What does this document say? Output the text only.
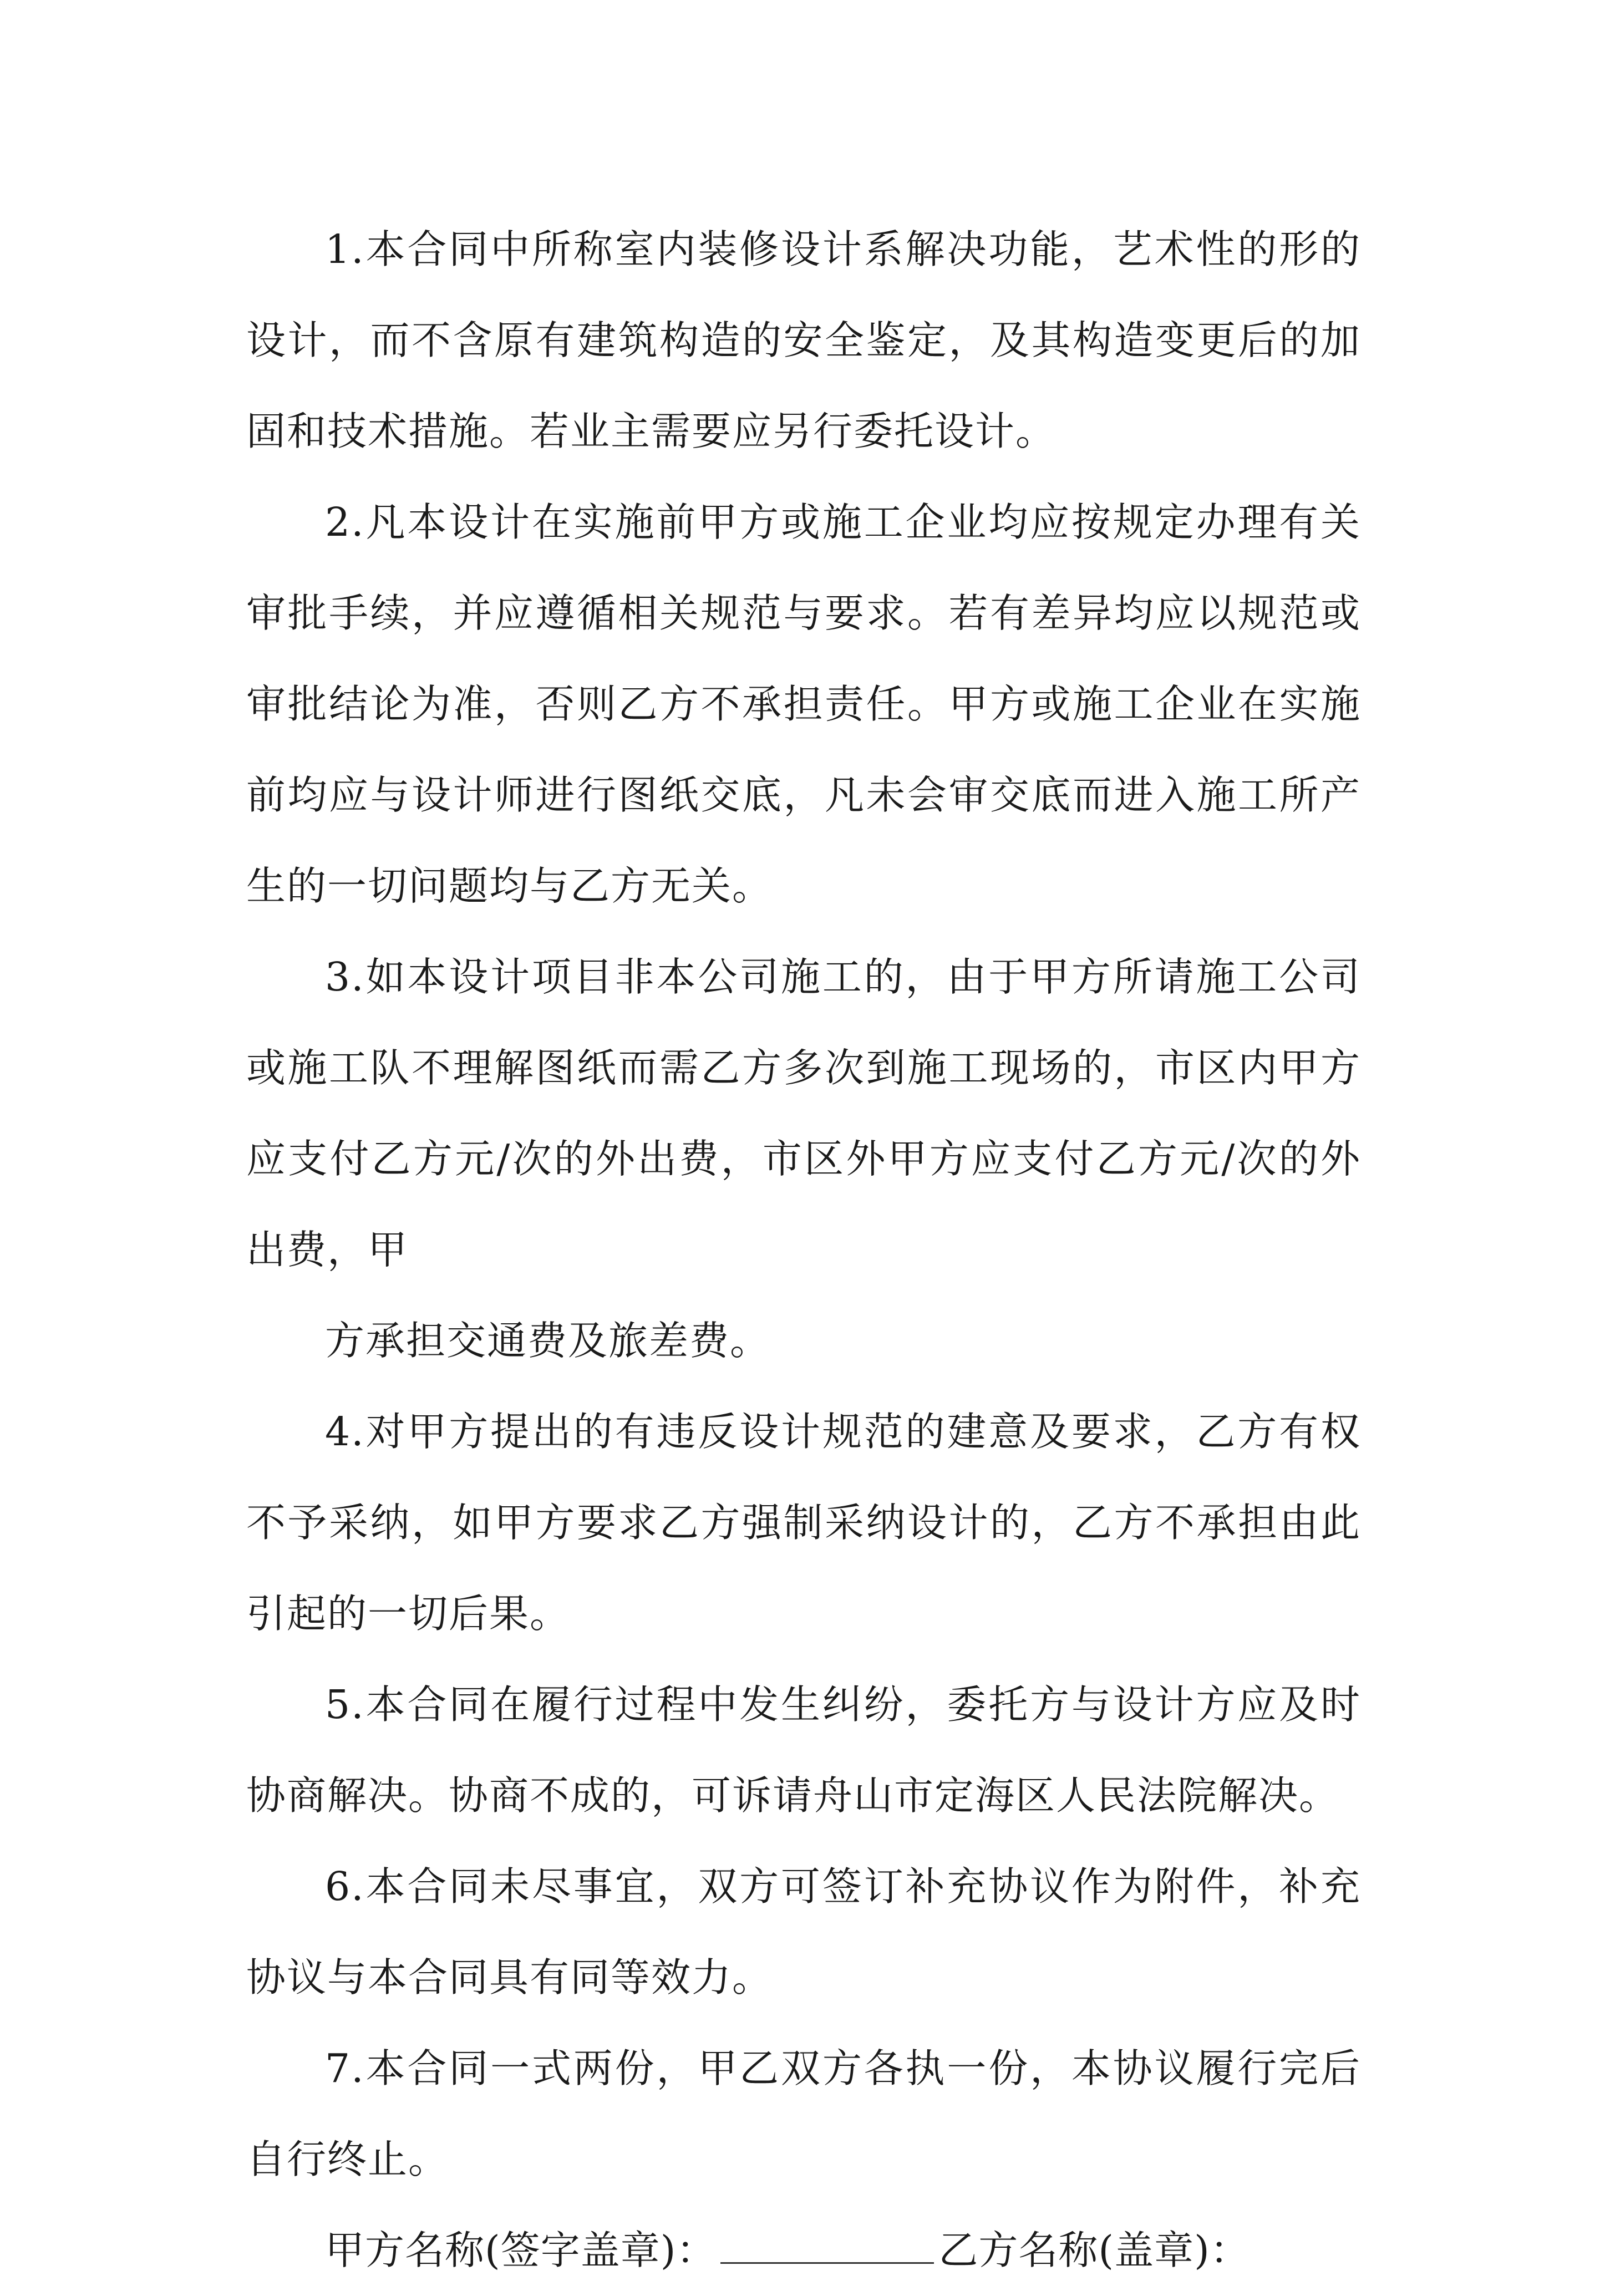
1.本合同中所称室内装修设计系解决功能，艺术性的形的设计，而不含原有建筑构造的安全鉴定，及其构造变更后的加固和技术措施。若业主需要应另行委托设计。

2.凡本设计在实施前甲方或施工企业均应按规定办理有关审批手续，并应遵循相关规范与要求。若有差异均应以规范或审批结论为准，否则乙方不承担责任。甲方或施工企业在实施前均应与设计师进行图纸交底，凡未会审交底而进入施工所产生的一切问题均与乙方无关。

3.如本设计项目非本公司施工的，由于甲方所请施工公司或施工队不理解图纸而需乙方多次到施工现场的，市区内甲方应支付乙方元/次的外出费，市区外甲方应支付乙方元/次的外出费，甲

方承担交通费及旅差费。

4.对甲方提出的有违反设计规范的建意及要求，乙方有权不予采纳，如甲方要求乙方强制采纳设计的，乙方不承担由此引起的一切后果。

5.本合同在履行过程中发生纠纷，委托方与设计方应及时协商解决。协商不成的，可诉请舟山市定海区人民法院解决。

6.本合同未尽事宜，双方可签订补充协议作为附件，补充协议与本合同具有同等效力。

7.本合同一式两份，甲乙双方各执一份，本协议履行完后自行终止。

甲方名称(签字盖章)：	乙方名称(盖章)：
